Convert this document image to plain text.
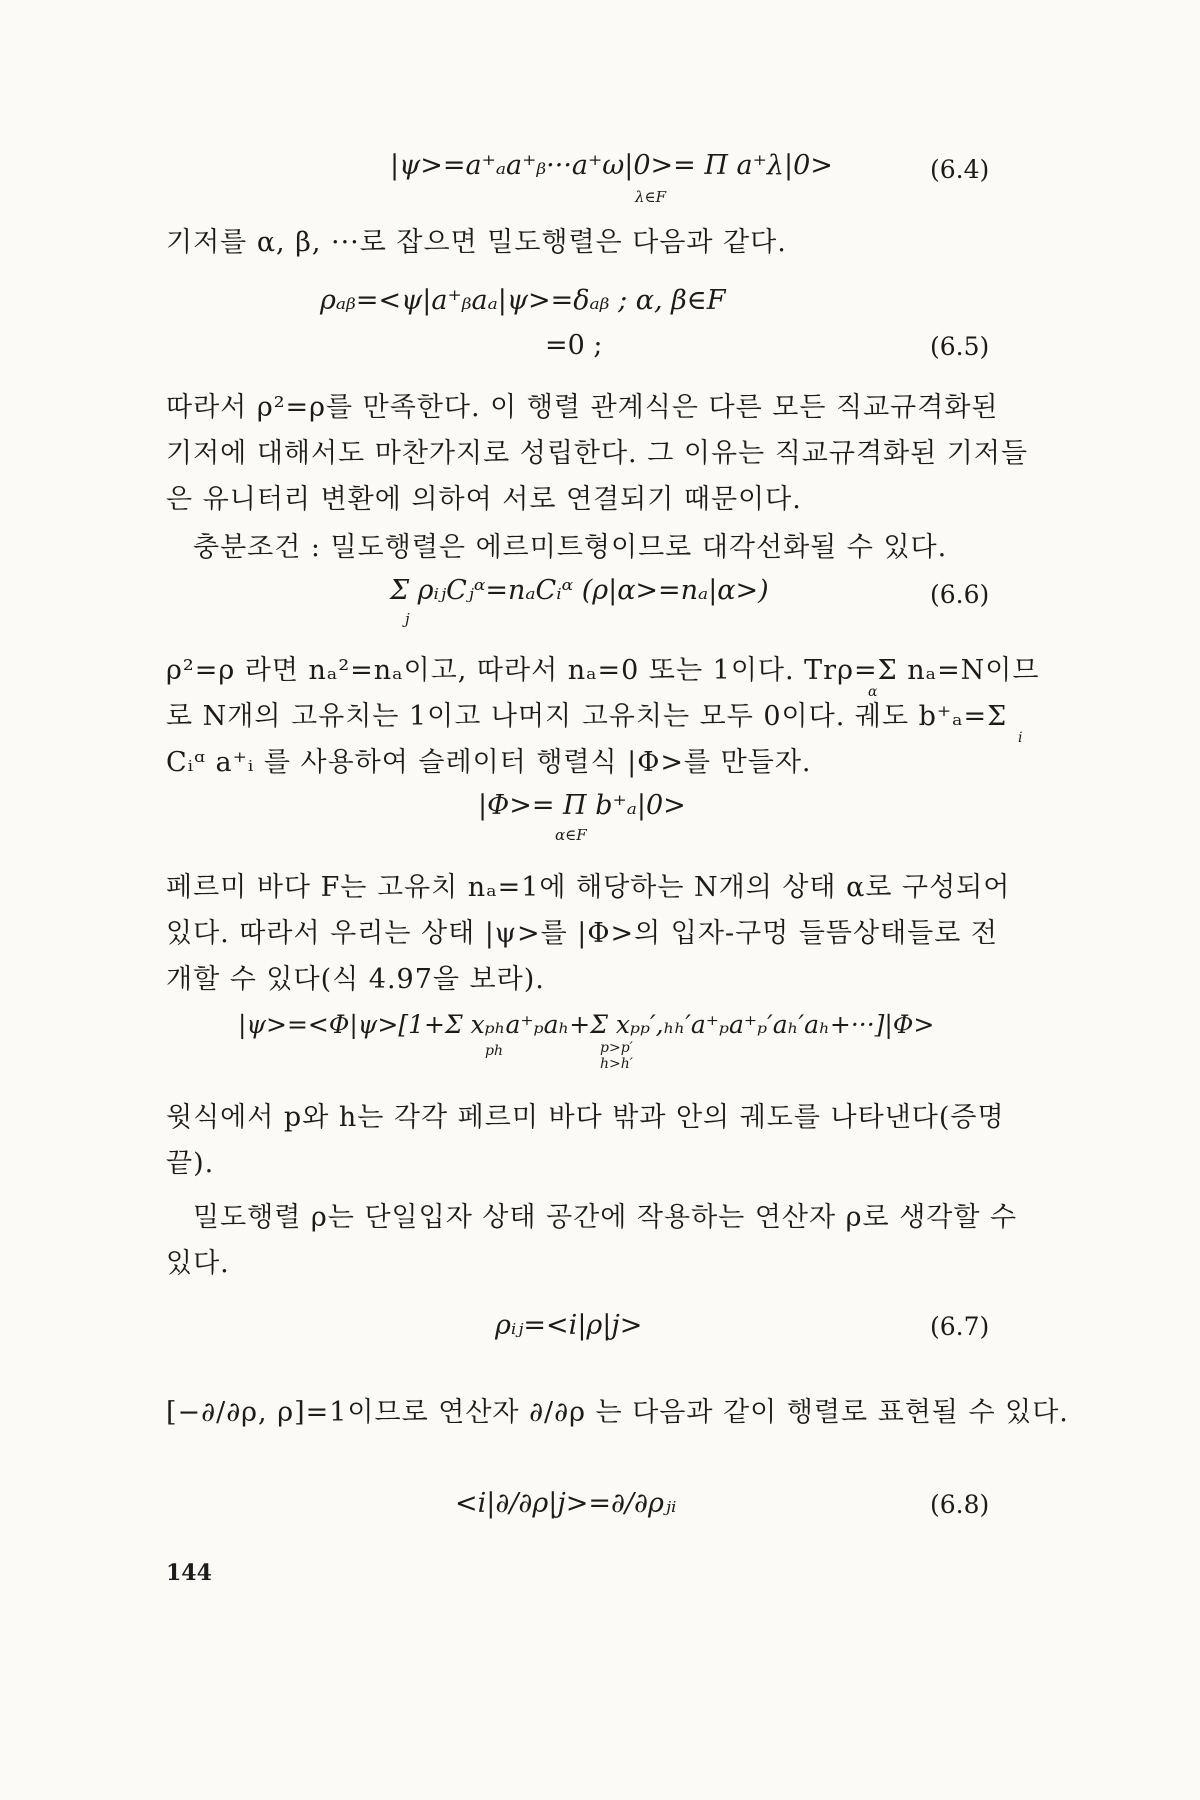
|ψ>=a⁺ₐa⁺ᵦ···a⁺ω|0>= Π a⁺λ|0>
λ∈F
(6.4)
기저를 α, β, ···로 잡으면 밀도행렬은 다음과 같다.
ρₐᵦ=<ψ|a⁺ᵦaₐ|ψ>=δₐᵦ ; α, β∈F
=0 ;	(6.5)
따라서 ρ²=ρ를 만족한다. 이 행렬 관계식은 다른 모든 직교규격화된
기저에 대해서도 마찬가지로 성립한다. 그 이유는 직교규격화된 기저들
은 유니터리 변환에 의하여 서로 연결되기 때문이다.
충분조건 : 밀도행렬은 에르미트형이므로 대각선화될 수 있다.
Σ ρᵢⱼCⱼᵅ=nₐCᵢᵅ (ρ|α>=nₐ|α>)
j
(6.6)
ρ²=ρ 라면 nₐ²=nₐ이고, 따라서 nₐ=0 또는 1이다. Trρ=Σ nₐ=N이므
로 N개의 고유치는 1이고 나머지 고유치는 모두 0이다. 궤도 b⁺ₐ=Σ
Cᵢᵅ a⁺ᵢ 를 사용하여 슬레이터 행렬식 |Φ>를 만들자.
α
i
|Φ>= Π b⁺ₐ|0>
α∈F
페르미 바다 F는 고유치 nₐ=1에 해당하는 N개의 상태 α로 구성되어
있다. 따라서 우리는 상태 |ψ>를 |Φ>의 입자-구멍 들뜸상태들로 전
개할 수 있다(식 4.97을 보라).
|ψ>=<Φ|ψ>[1+Σ xₚₕa⁺ₚaₕ+Σ xₚₚ′,ₕₕ′a⁺ₚa⁺ₚ′aₕ′aₕ+···]|Φ>
ph	p>p′
h>h′
윗식에서 p와 h는 각각 페르미 바다 밖과 안의 궤도를 나타낸다(증명
끝).
밀도행렬 ρ는 단일입자 상태 공간에 작용하는 연산자 ρ로 생각할 수
있다.
ρᵢⱼ=<i|ρ|j>	(6.7)
[−∂/∂ρ, ρ]=1이므로 연산자 ∂/∂ρ 는 다음과 같이 행렬로 표현될 수 있다.
<i|∂/∂ρ|j>=∂/∂ρⱼᵢ	(6.8)
144
